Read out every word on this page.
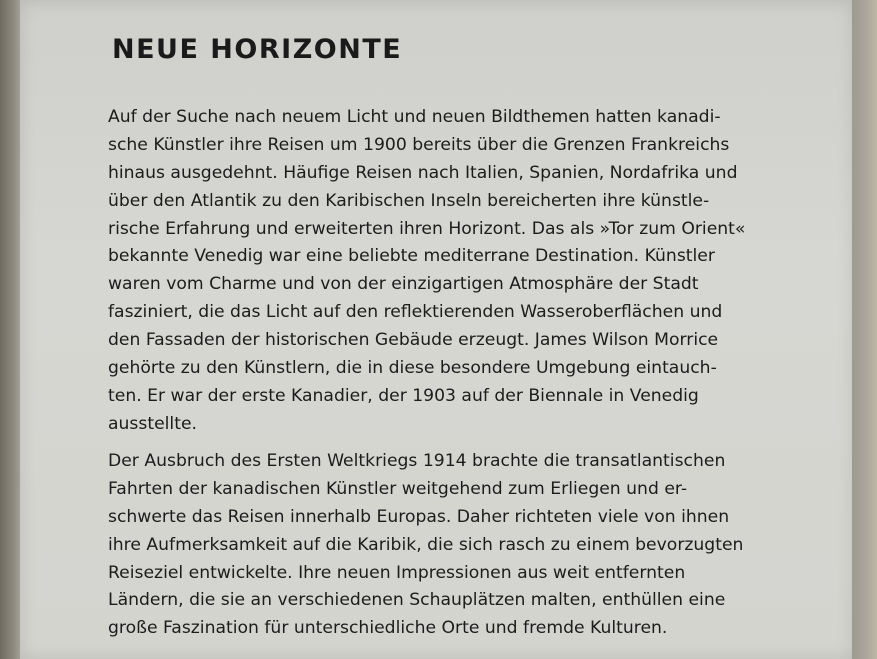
NEUE HORIZONTE

Auf der Suche nach neuem Licht und neuen Bildthemen hatten kanadi-
sche Künstler ihre Reisen um 1900 bereits über die Grenzen Frankreichs
hinaus ausgedehnt. Häufige Reisen nach Italien, Spanien, Nordafrika und
über den Atlantik zu den Karibischen Inseln bereicherten ihre künstle-
rische Erfahrung und erweiterten ihren Horizont. Das als »Tor zum Orient«
bekannte Venedig war eine beliebte mediterrane Destination. Künstler
waren vom Charme und von der einzigartigen Atmosphäre der Stadt
fasziniert, die das Licht auf den reflektierenden Wasseroberflächen und
den Fassaden der historischen Gebäude erzeugt. James Wilson Morrice
gehörte zu den Künstlern, die in diese besondere Umgebung eintauch-
ten. Er war der erste Kanadier, der 1903 auf der Biennale in Venedig
ausstellte.

Der Ausbruch des Ersten Weltkriegs 1914 brachte die transatlantischen
Fahrten der kanadischen Künstler weitgehend zum Erliegen und er-
schwerte das Reisen innerhalb Europas. Daher richteten viele von ihnen
ihre Aufmerksamkeit auf die Karibik, die sich rasch zu einem bevorzugten
Reiseziel entwickelte. Ihre neuen Impressionen aus weit entfernten
Ländern, die sie an verschiedenen Schauplätzen malten, enthüllen eine
große Faszination für unterschiedliche Orte und fremde Kulturen.
